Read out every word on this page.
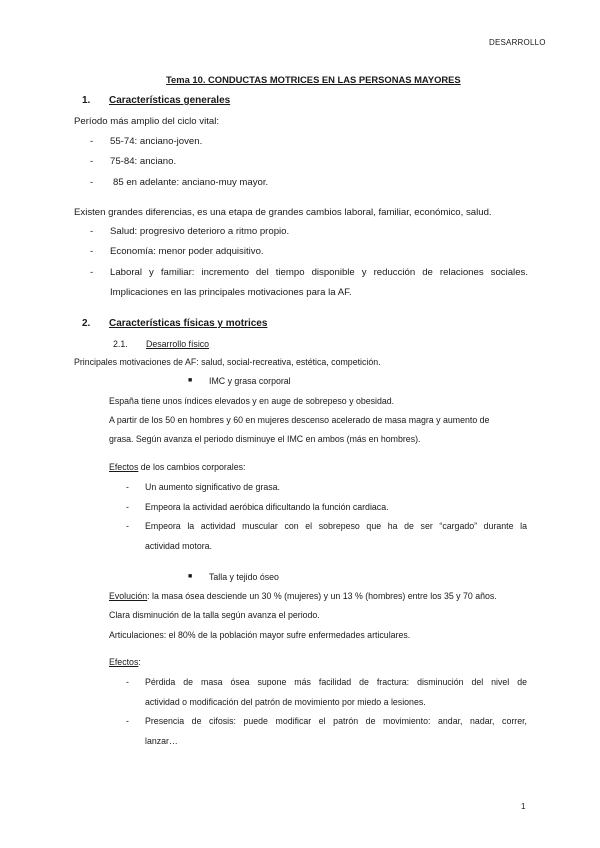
DESARROLLO
Tema 10. CONDUCTAS MOTRICES EN LAS PERSONAS MAYORES
1. Características generales
Período más amplio del ciclo vital:
- 55-74: anciano-joven.
- 75-84: anciano.
- 85 en adelante: anciano-muy mayor.
Existen grandes diferencias, es una etapa de grandes cambios laboral, familiar, económico, salud.
- Salud: progresivo deterioro a ritmo propio.
- Economía: menor poder adquisitivo.
- Laboral y familiar: incremento del tiempo disponible y reducción de relaciones sociales.
Implicaciones en las principales motivaciones para la AF.
2. Características físicas y motrices
2.1. Desarrollo físico
Principales motivaciones de AF: salud, social-recreativa, estética, competición.
■ IMC y grasa corporal
España tiene unos índices elevados y en auge de sobrepeso y obesidad.
A partir de los 50 en hombres y 60 en mujeres descenso acelerado de masa magra y aumento de
grasa. Según avanza el periodo disminuye el IMC en ambos (más en hombres).
Efectos de los cambios corporales:
- Un aumento significativo de grasa.
- Empeora la actividad aeróbica dificultando la función cardiaca.
- Empeora la actividad muscular con el sobrepeso que ha de ser “cargado” durante la
actividad motora.
■ Talla y tejido óseo
Evolución: la masa ósea desciende un 30 % (mujeres) y un 13 % (hombres) entre los 35 y 70 años.
Clara disminución de la talla según avanza el periodo.
Articulaciones: el 80% de la población mayor sufre enfermedades articulares.
Efectos:
- Pérdida de masa ósea supone más facilidad de fractura: disminución del nivel de
actividad o modificación del patrón de movimiento por miedo a lesiones.
- Presencia de cifosis: puede modificar el patrón de movimiento: andar, nadar, correr,
lanzar…
1
